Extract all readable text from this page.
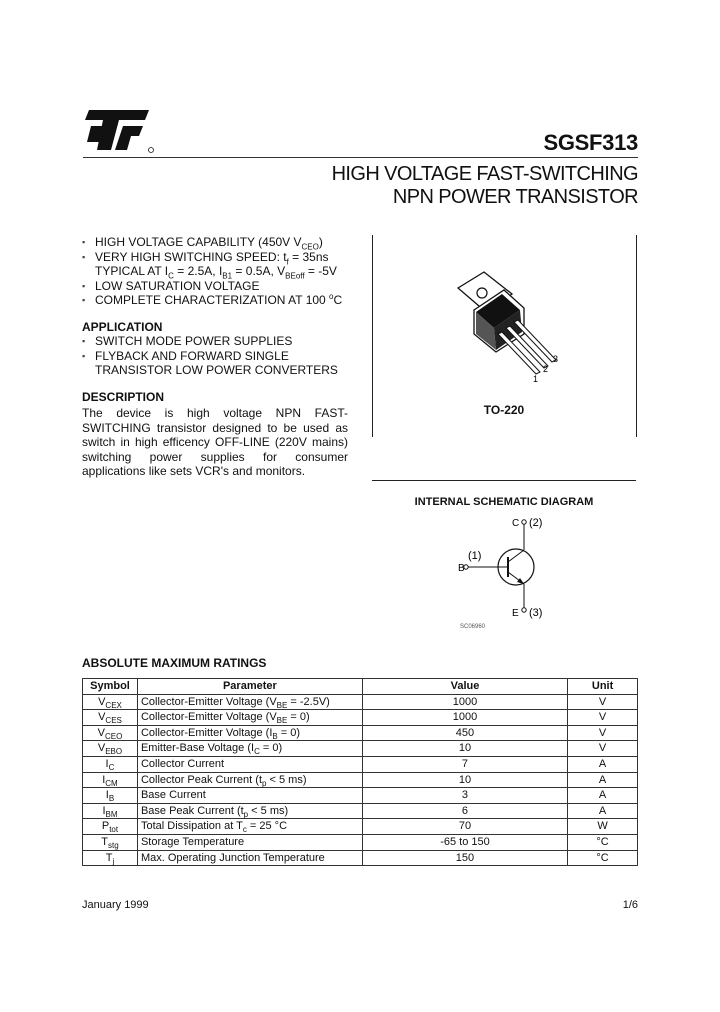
SGSF313
HIGH VOLTAGE FAST-SWITCHING
NPN POWER TRANSISTOR
▪ HIGH VOLTAGE CAPABILITY (450V $V_{CEO}$)
▪ VERY HIGH SWITCHING SPEED: $t_f = 35ns$
TYPICAL AT $I_C = 2.5A$, $I_{B1} = 0.5A$, $V_{BEoff} = -5V$
▪ LOW SATURATION VOLTAGE
▪ COMPLETE CHARACTERIZATION AT 100 $^o$C
APPLICATION
▪ SWITCH MODE POWER SUPPLIES
▪ FLYBACK AND FORWARD SINGLE
TRANSISTOR LOW POWER CONVERTERS
DESCRIPTION
The device is high voltage NPN FAST-SWITCHING transistor designed to be used as switch in high efficency OFF-LINE (220V mains) switching power supplies for consumer applications like sets VCR's and monitors.
1
2
3
TO-220
INTERNAL SCHEMATIC DIAGRAM
C (2)
B
(1)
E (3)
SC06960
ABSOLUTE MAXIMUM RATINGS
Symbol	Parameter	Value	Unit
$V_{CEX}$	Collector-Emitter Voltage $(V_{BE} = -2.5V)$	1000	V
$V_{CES}$	Collector-Emitter Voltage $(V_{BE} = 0)$	1000	V
$V_{CEO}$	Collector-Emitter Voltage $(I_B = 0)$	450	V
$V_{EBO}$	Emitter-Base Voltage $(I_C = 0)$	10	V
$I_C$	Collector Current	7	A
$I_{CM}$	Collector Peak Current ($t_p < 5$ ms)	10	A
$I_B$	Base Current	3	A
$I_{BM}$	Base Peak Current ($t_p < 5$ ms)	6	A
$P_{tot}$	Total Dissipation at $T_c = 25$ °C	70	W
$T_{stg}$	Storage Temperature	-65 to 150	°C
$T_j$	Max. Operating Junction Temperature	150	°C
January 1999	1/6
